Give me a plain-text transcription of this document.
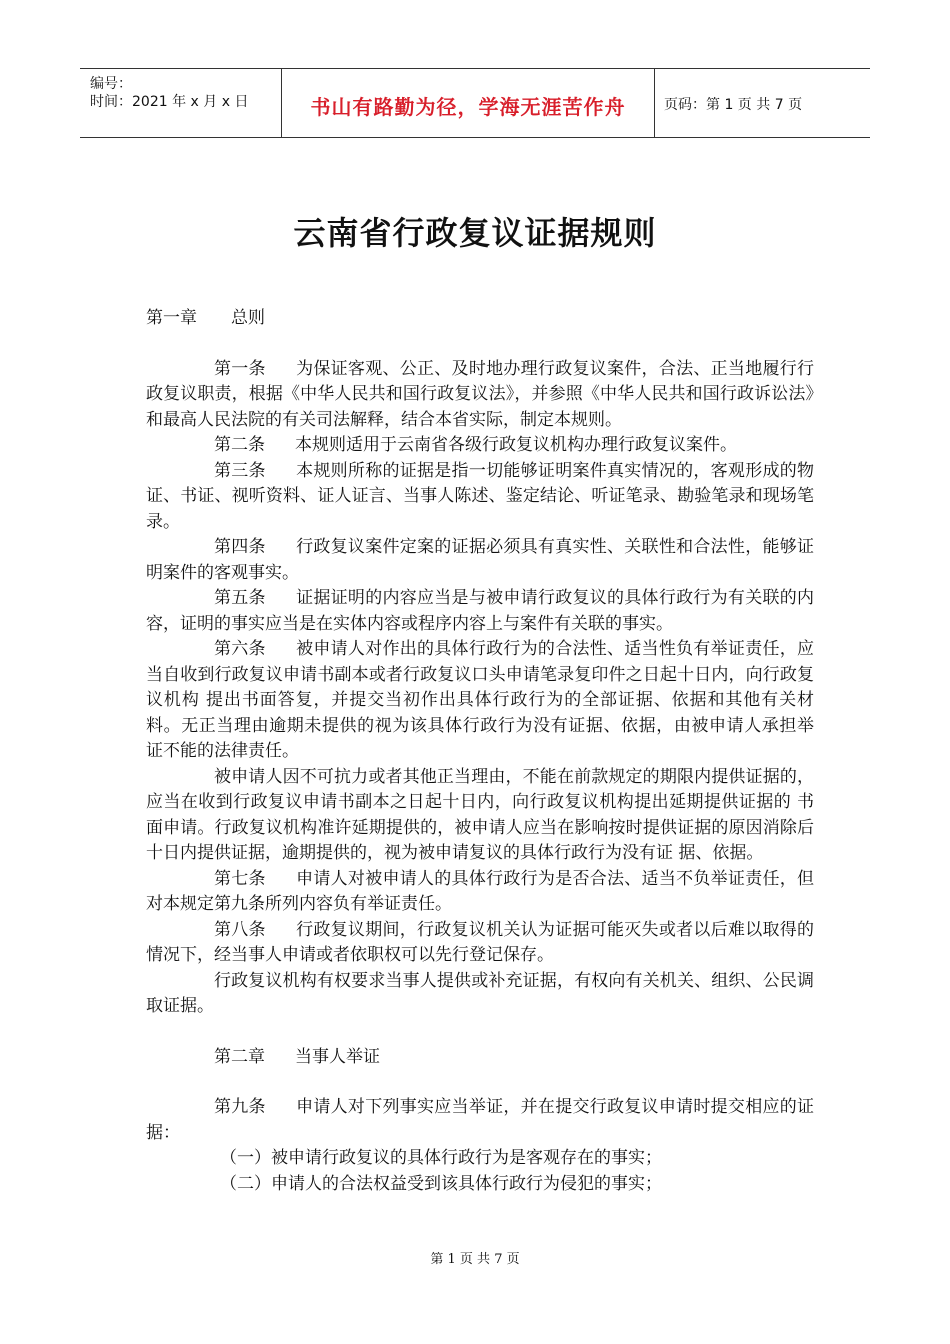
编号：
时间：2021 年 x 月 x 日	书山有路勤为径，学海无涯苦作舟	页码：第 1 页 共 7 页
云南省行政复议证据规则

第一章 总则

第一条 为保证客观、公正、及时地办理行政复议案件，合法、正当地履行行政复议职责，根据《中华人民共和国行政复议法》，并参照《中华人民共和国行政诉讼法》和最高人民法院的有关司法解释，结合本省实际，制定本规则。

第二条 本规则适用于云南省各级行政复议机构办理行政复议案件。

第三条 本规则所称的证据是指一切能够证明案件真实情况的，客观形成的物证、书证、视听资料、证人证言、当事人陈述、鉴定结论、听证笔录、勘验笔录和现场笔录。

第四条 行政复议案件定案的证据必须具有真实性、关联性和合法性，能够证明案件的客观事实。

第五条 证据证明的内容应当是与被申请行政复议的具体行政行为有关联的内容，证明的事实应当是在实体内容或程序内容上与案件有关联的事实。

第六条 被申请人对作出的具体行政行为的合法性、适当性负有举证责任，应当自收到行政复议申请书副本或者行政复议口头申请笔录复印件之日起十日内，向行政复议机构 提出书面答复，并提交当初作出具体行政行为的全部证据、依据和其他有关材料。无正当理由逾期未提供的视为该具体行政行为没有证据、依据，由被申请人承担举 证不能的法律责任。

被申请人因不可抗力或者其他正当理由，不能在前款规定的期限内提供证据的，应当在收到行政复议申请书副本之日起十日内，向行政复议机构提出延期提供证据的 书面申请。行政复议机构准许延期提供的，被申请人应当在影响按时提供证据的原因消除后十日内提供证据，逾期提供的，视为被申请复议的具体行政行为没有证 据、依据。

第七条 申请人对被申请人的具体行政行为是否合法、适当不负举证责任，但对本规定第九条所列内容负有举证责任。

第八条 行政复议期间，行政复议机关认为证据可能灭失或者以后难以取得的情况下，经当事人申请或者依职权可以先行登记保存。

行政复议机构有权要求当事人提供或补充证据，有权向有关机关、组织、公民调取证据。

第二章 当事人举证

第九条 申请人对下列事实应当举证，并在提交行政复议申请时提交相应的证据：

（一）被申请行政复议的具体行政行为是客观存在的事实；

（二）申请人的合法权益受到该具体行政行为侵犯的事实；

第 1 页 共 7 页
